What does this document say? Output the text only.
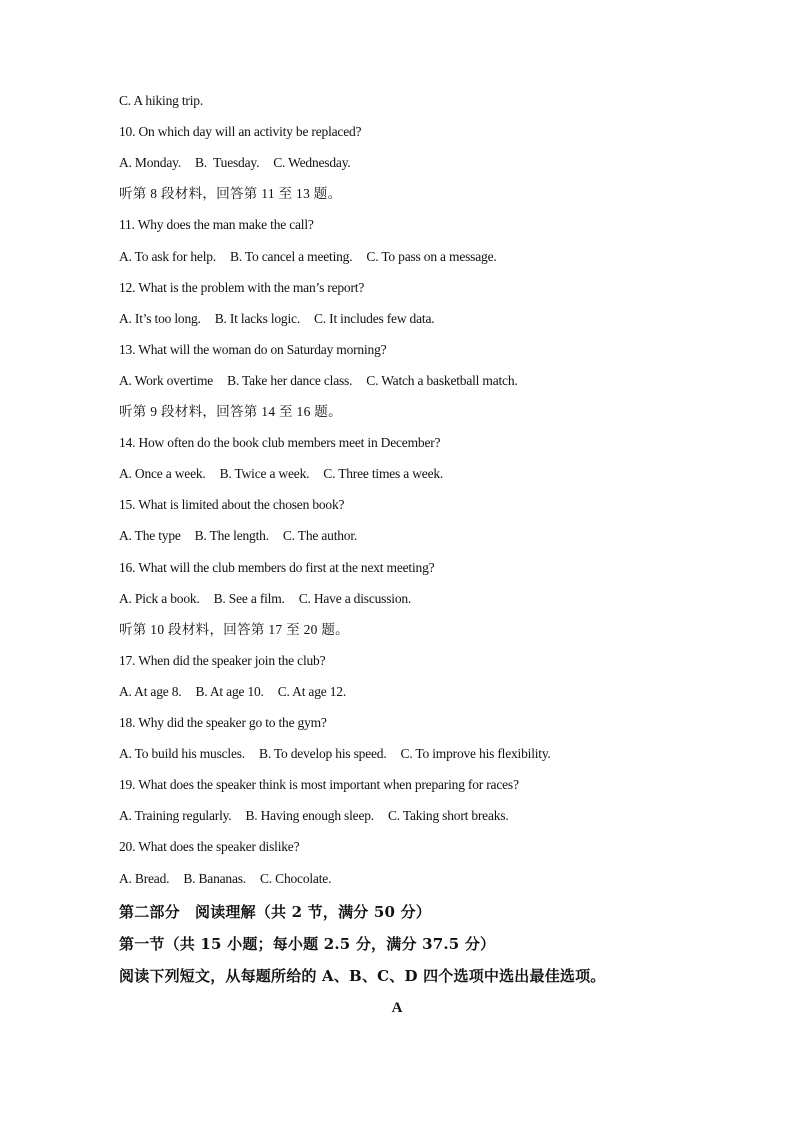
C. A hiking trip.
10. On which day will an activity be replaced?
A. Monday. B.  Tuesday. C. Wednesday.
听第 8 段材料，回答第 11 至 13 题。
11. Why does the man make the call?
A. To ask for help. B. To cancel a meeting. C. To pass on a message.
12. What is the problem with the man’s report?
A. It’s too long. B. It lacks logic. C. It includes few data.
13. What will the woman do on Saturday morning?
A. Work overtime B. Take her dance class. C. Watch a basketball match.
听第 9 段材料，回答第 14 至 16 题。
14. How often do the book club members meet in December?
A. Once a week. B. Twice a week. C. Three times a week.
15. What is limited about the chosen book?
A. The type B. The length. C. The author.
16. What will the club members do first at the next meeting?
A. Pick a book. B. See a film. C. Have a discussion.
听第 10 段材料，回答第 17 至 20 题。
17. When did the speaker join the club?
A. At age 8. B. At age 10. C. At age 12.
18. Why did the speaker go to the gym?
A. To build his muscles. B. To develop his speed. C. To improve his flexibility.
19. What does the speaker think is most important when preparing for races?
A. Training regularly. B. Having enough sleep. C. Taking short breaks.
20. What does the speaker dislike?
A. Bread. B. Bananas. C. Chocolate.
第二部分　阅读理解（共 2 节，满分 50 分）
第一节（共 15 小题；每小题 2.5 分，满分 37.5 分）
阅读下列短文，从每题所给的 A、B、C、D 四个选项中选出最佳选项。
A
